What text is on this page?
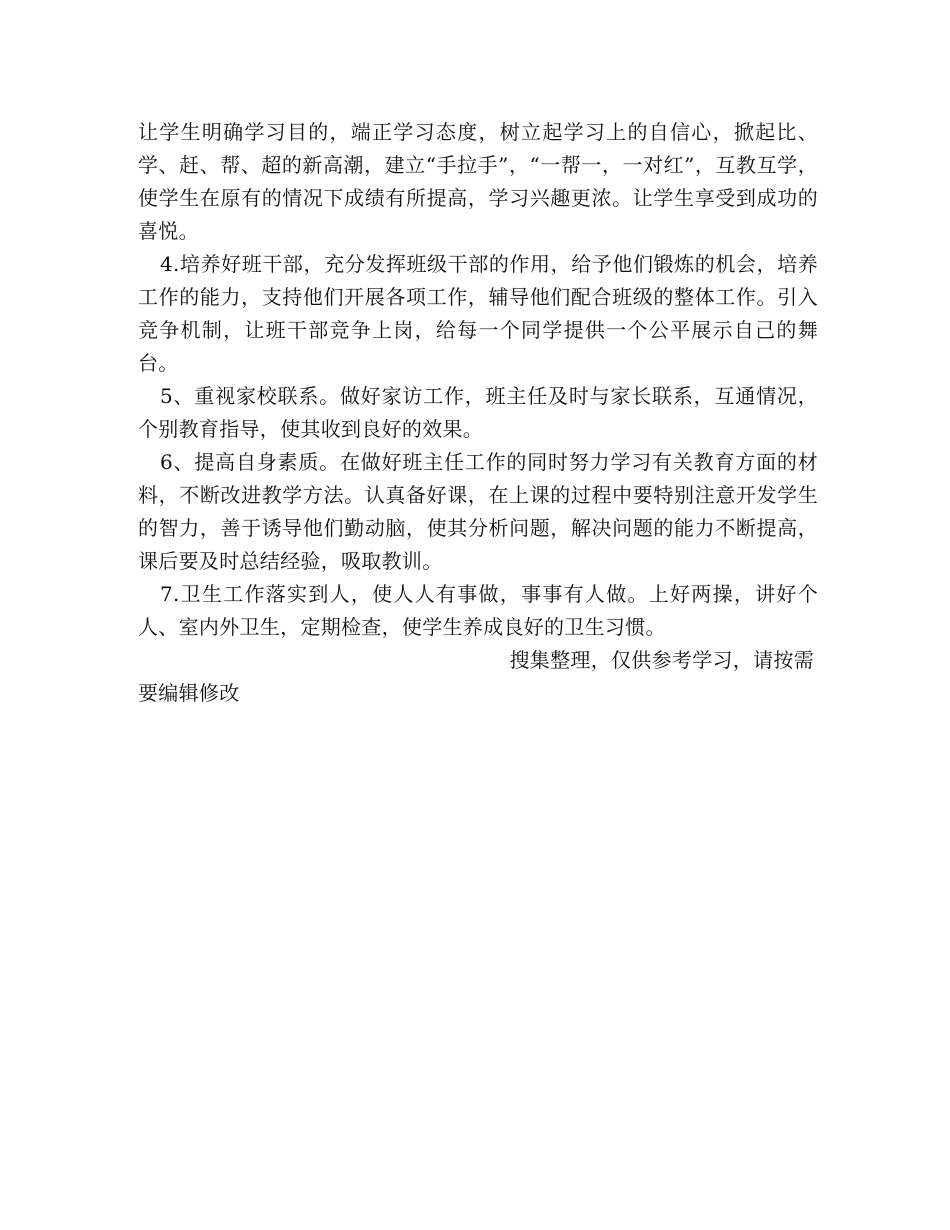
让学生明确学习目的，端正学习态度，树立起学习上的自信心，掀起比、学、赶、帮、超的新高潮，建立“手拉手”，“一帮一，一对红”，互教互学，使学生在原有的情况下成绩有所提高，学习兴趣更浓。让学生享受到成功的喜悦。

4.培养好班干部，充分发挥班级干部的作用，给予他们锻炼的机会，培养工作的能力，支持他们开展各项工作，辅导他们配合班级的整体工作。引入竞争机制，让班干部竞争上岗，给每一个同学提供一个公平展示自己的舞台。

5、重视家校联系。做好家访工作，班主任及时与家长联系，互通情况，个别教育指导，使其收到良好的效果。

6、提高自身素质。在做好班主任工作的同时努力学习有关教育方面的材料，不断改进教学方法。认真备好课，在上课的过程中要特别注意开发学生的智力，善于诱导他们勤动脑，使其分析问题，解决问题的能力不断提高，课后要及时总结经验，吸取教训。

7.卫生工作落实到人，使人人有事做，事事有人做。上好两操，讲好个人、室内外卫生，定期检查，使学生养成良好的卫生习惯。

搜集整理，仅供参考学习，请按需

要编辑修改
